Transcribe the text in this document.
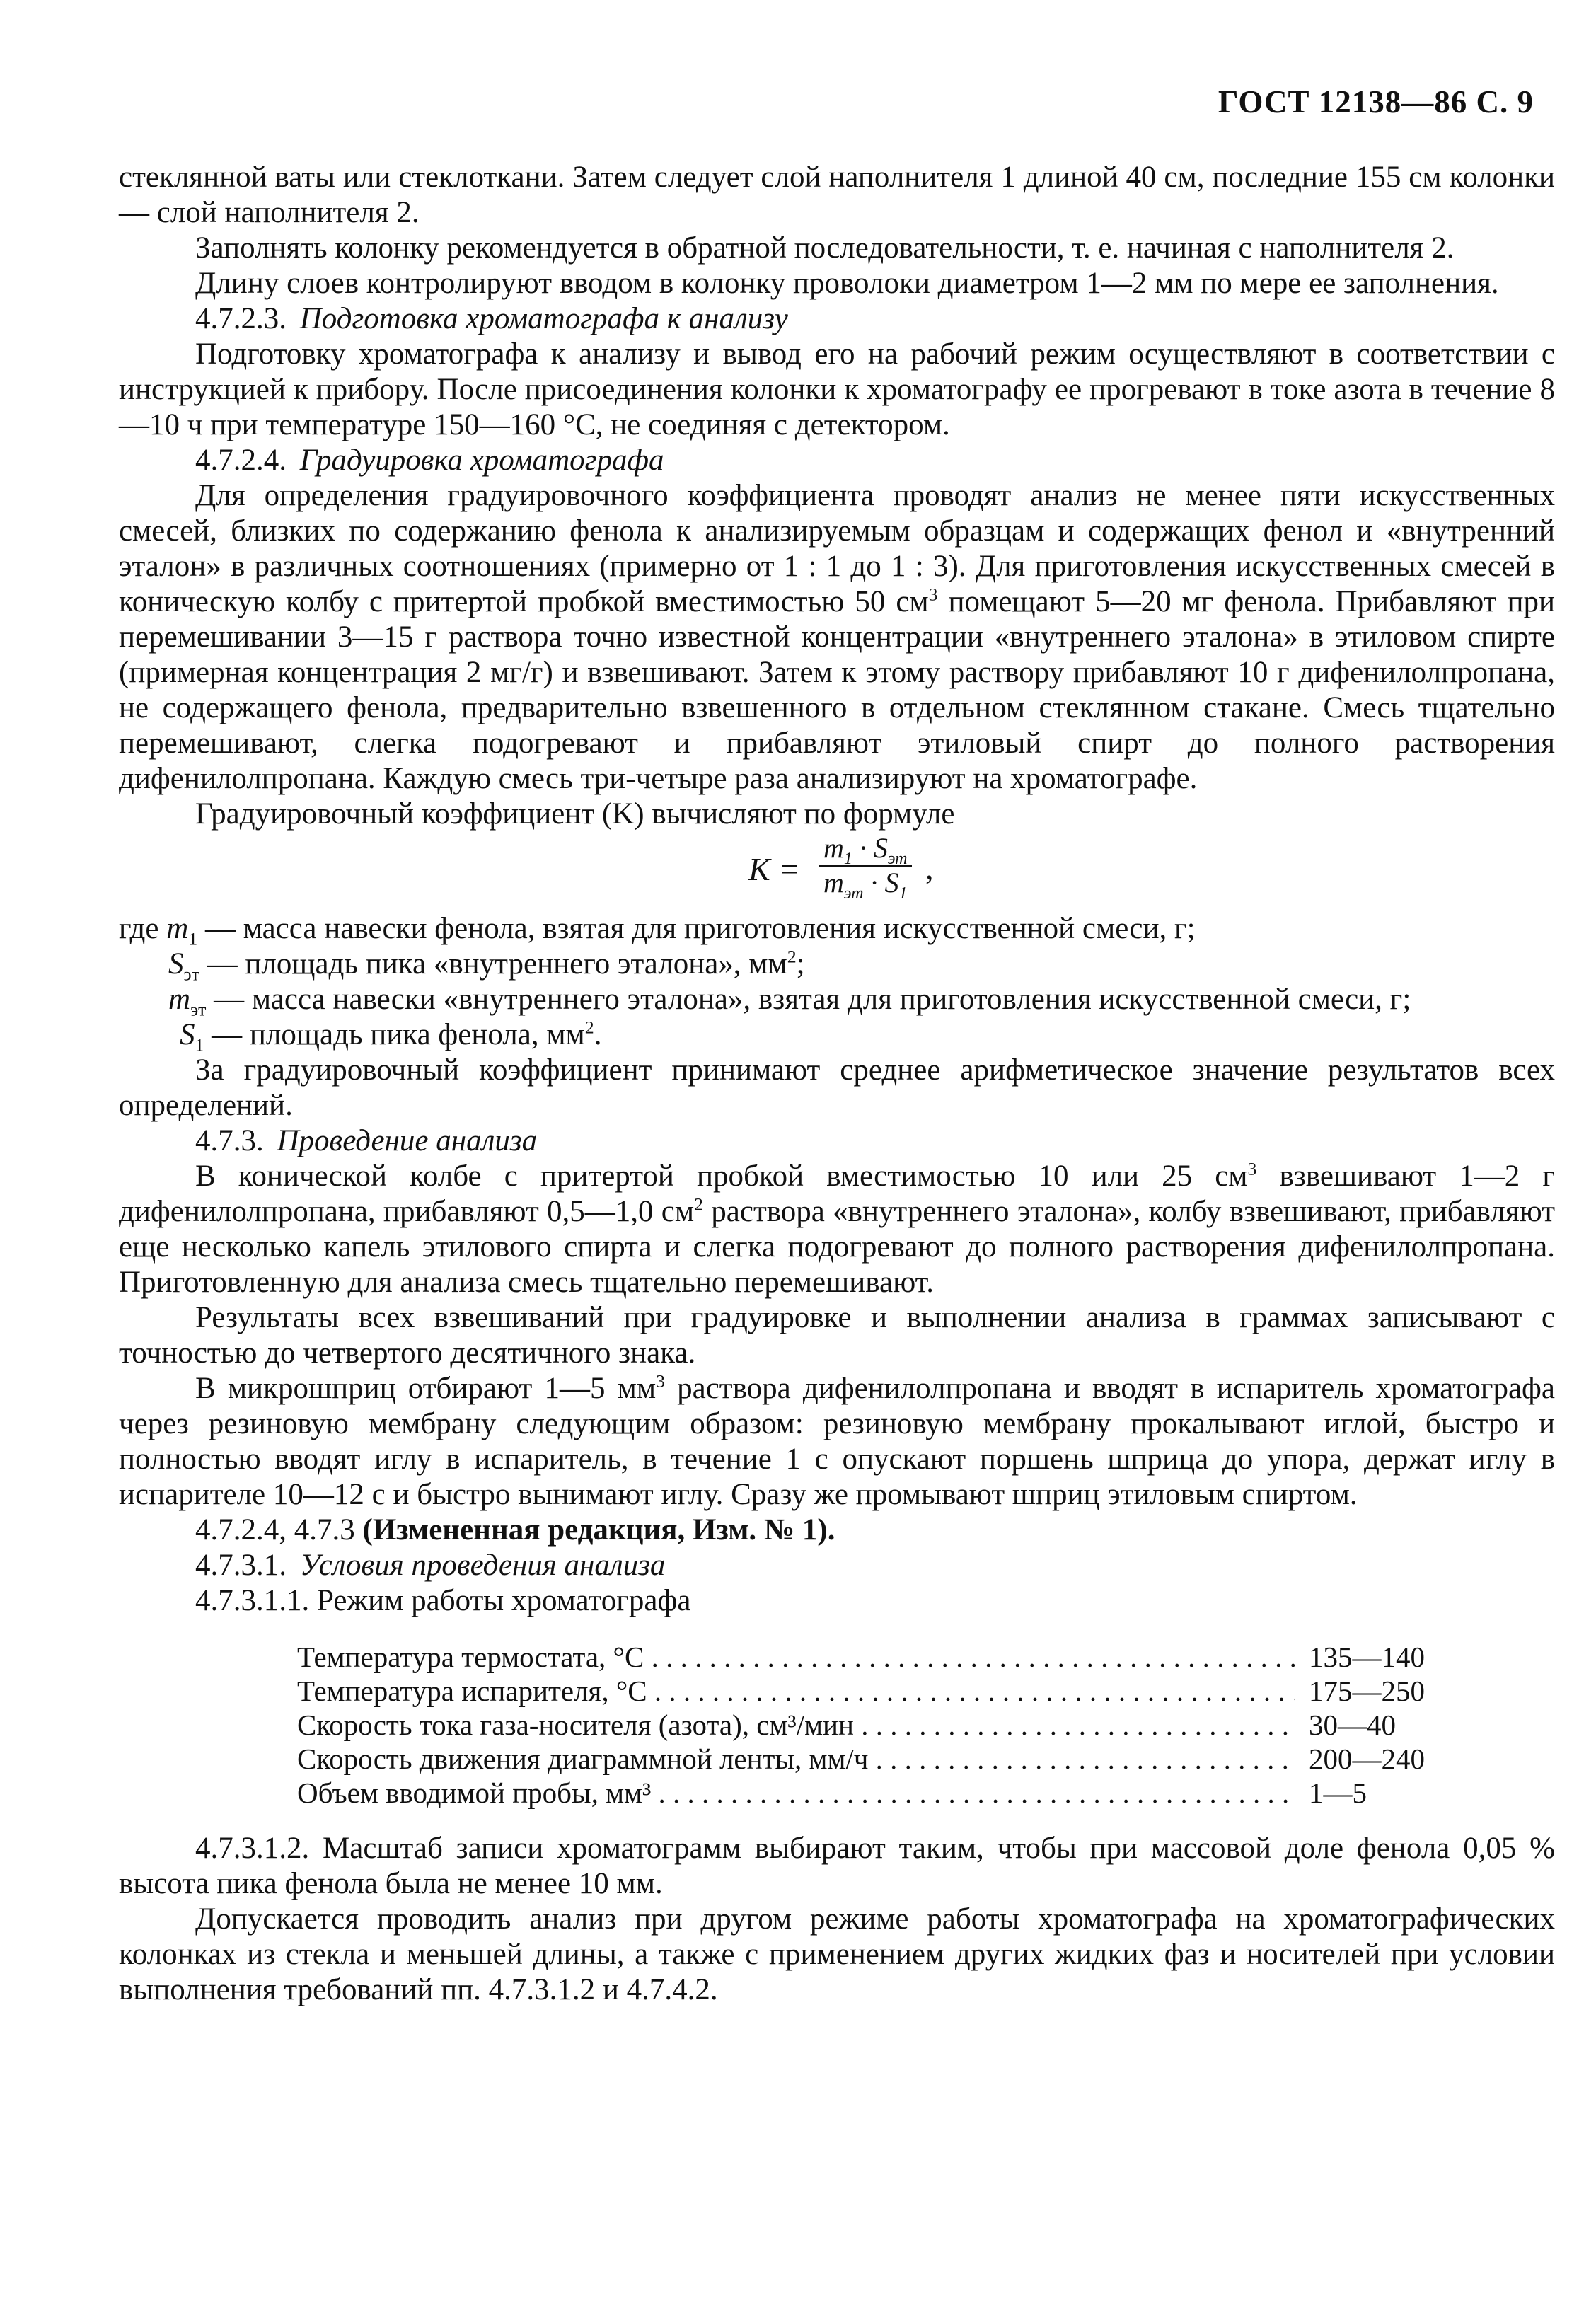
ГОСТ 12138—86 С. 9

стеклянной ваты или стеклоткани. Затем следует слой наполнителя 1 длиной 40 см, последние 155 см колонки — слой наполнителя 2.

Заполнять колонку рекомендуется в обратной последовательности, т. е. начиная с наполнителя 2.

Длину слоев контролируют вводом в колонку проволоки диаметром 1—2 мм по мере ее заполнения.

4.7.2.3. Подготовка хроматографа к анализу

Подготовку хроматографа к анализу и вывод его на рабочий режим осуществляют в соответствии с инструкцией к прибору. После присоединения колонки к хроматографу ее прогревают в токе азота в течение 8—10 ч при температуре 150—160 °С, не соединяя с детектором.

4.7.2.4. Градуировка хроматографа

Для определения градуировочного коэффициента проводят анализ не менее пяти искусственных смесей, близких по содержанию фенола к анализируемым образцам и содержащих фенол и «внутренний эталон» в различных соотношениях (примерно от 1 : 1 до 1 : 3). Для приготовления искусственных смесей в коническую колбу с притертой пробкой вместимостью 50 $см^3$ помещают 5—20 мг фенола. Прибавляют при перемешивании 3—15 г раствора точно известной концентрации «внутреннего эталона» в этиловом спирте (примерная концентрация 2 мг/г) и взвешивают. Затем к этому раствору прибавляют 10 г дифенилолпропана, не содержащего фенола, предварительно взвешенного в отдельном стеклянном стакане. Смесь тщательно перемешивают, слегка подогревают и прибавляют этиловый спирт до полного растворения дифенилолпропана. Каждую смесь три-четыре раза анализируют на хроматографе.

Градуировочный коэффициент (K) вычисляют по формуле

K =
$m_1 \cdot S_{эт}$
$m_{эт} \cdot S_1$
,
где $m_1$ — масса навески фенола, взятая для приготовления искусственной смеси, г;
$S_{эт}$ — площадь пика «внутреннего эталона», $мм^2$;
$m_{эт}$ — масса навески «внутреннего эталона», взятая для приготовления искусственной смеси, г;
$S_1$ — площадь пика фенола, $мм^2$.

За градуировочный коэффициент принимают среднее арифметическое значение результатов всех определений.

4.7.3. Проведение анализа

В конической колбе с притертой пробкой вместимостью 10 или 25 $см^3$ взвешивают 1—2 г дифенилолпропана, прибавляют 0,5—1,0 $см^2$ раствора «внутреннего эталона», колбу взвешивают, прибавляют еще несколько капель этилового спирта и слегка подогревают до полного растворения дифенилолпропана. Приготовленную для анализа смесь тщательно перемешивают.

Результаты всех взвешиваний при градуировке и выполнении анализа в граммах записывают с точностью до четвертого десятичного знака.

В микрошприц отбирают 1—5 $мм^3$ раствора дифенилолпропана и вводят в испаритель хроматографа через резиновую мембрану следующим образом: резиновую мембрану прокалывают иглой, быстро и полностью вводят иглу в испаритель, в течение 1 с опускают поршень шприца до упора, держат иглу в испарителе 10—12 с и быстро вынимают иглу. Сразу же промывают шприц этиловым спиртом.

4.7.2.4, 4.7.3 (Измененная редакция, Изм. № 1).

4.7.3.1. Условия проведения анализа

4.7.3.1.1. Режим работы хроматографа

Температура термостата, °С . . .	135—140
Температура испарителя, °С . . .	175—250
Скорость тока газа-носителя (азота), см³/мин . . .	30—40
Скорость движения диаграммной ленты, мм/ч . . .	200—240
Объем вводимой пробы, мм³ . . .	1—5

4.7.3.1.2. Масштаб записи хроматограмм выбирают таким, чтобы при массовой доле фенола 0,05 % высота пика фенола была не менее 10 мм.

Допускается проводить анализ при другом режиме работы хроматографа на хроматографических колонках из стекла и меньшей длины, а также с применением других жидких фаз и носителей при условии выполнения требований пп. 4.7.3.1.2 и 4.7.4.2.
